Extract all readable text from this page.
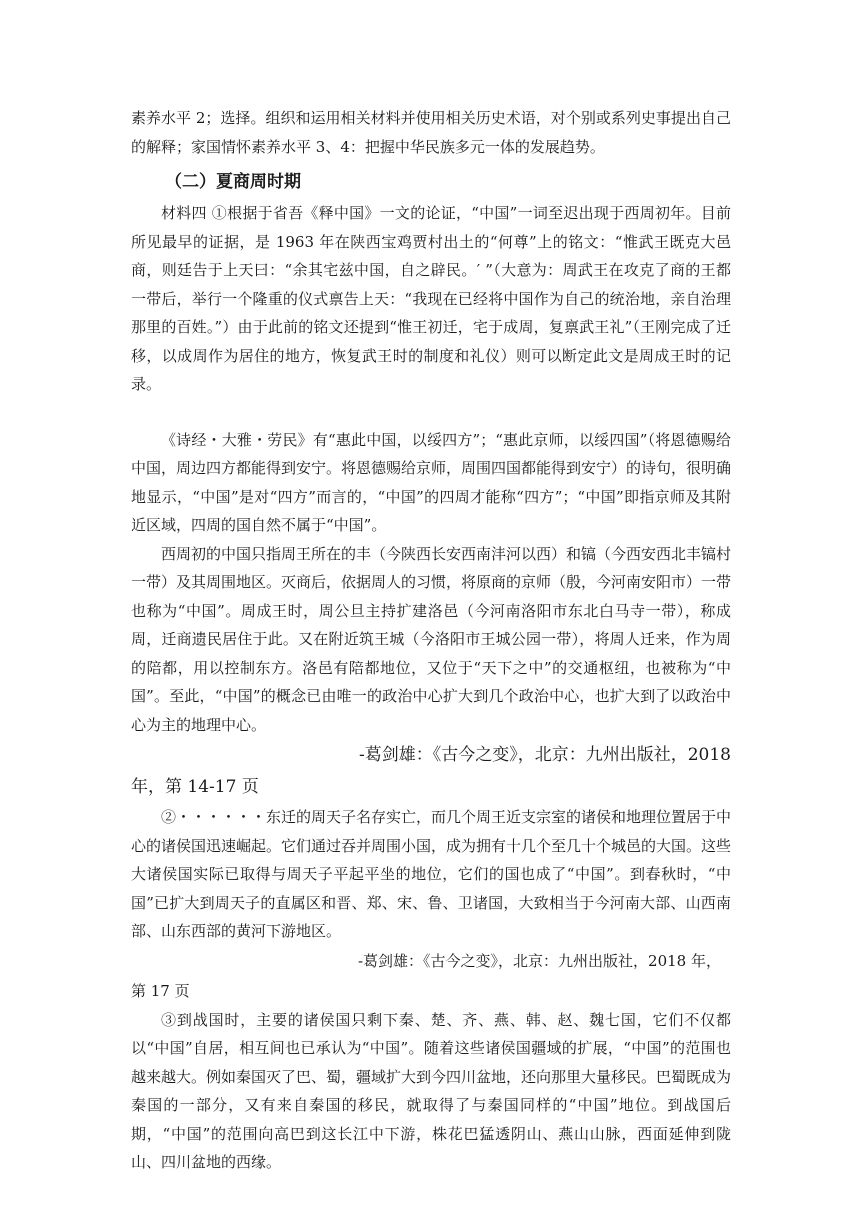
素养水平 2；选择。组织和运用相关材料并使用相关历史术语，对个别或系列史事提出自己的解释；家国情怀素养水平 3、4：把握中华民族多元一体的发展趋势。

（二）夏商周时期

材料四 ①根据于省吾《释中国》一文的论证，“中国”一词至迟出现于西周初年。目前所见最早的证据，是 1963 年在陕西宝鸡贾村出土的“何尊”上的铭文：“惟武王既克大邑商，则廷告于上天曰：“余其宅兹中国，自之辟民。′ ”（大意为：周武王在攻克了商的王都一带后，举行一个隆重的仪式禀告上天：“我现在已经将中国作为自己的统治地，亲自治理那里的百姓。”）由于此前的铭文还提到“惟王初迁，宅于成周，复禀武王礼”（王刚完成了迁移，以成周作为居住的地方，恢复武王时的制度和礼仪）则可以断定此文是周成王时的记录。

《诗经・大雅・劳民》有“惠此中国，以绥四方”；“惠此京师，以绥四国”（将恩德赐给中国，周边四方都能得到安宁。将恩德赐给京师，周围四国都能得到安宁）的诗句，很明确地显示，“中国”是对“四方”而言的，“中国”的四周才能称“四方”；“中国”即指京师及其附近区域，四周的国自然不属于“中国”。

西周初的中国只指周王所在的丰（今陕西长安西南沣河以西）和镐（今西安西北丰镐村一带）及其周围地区。灭商后，依据周人的习惯，将原商的京师（殷，今河南安阳市）一带也称为“中国”。周成王时，周公旦主持扩建洛邑（今河南洛阳市东北白马寺一带），称成周，迁商遗民居住于此。又在附近筑王城（今洛阳市王城公园一带），将周人迁来，作为周的陪都，用以控制东方。洛邑有陪都地位，又位于“天下之中”的交通枢纽，也被称为“中国”。至此，“中国”的概念已由唯一的政治中心扩大到几个政治中心，也扩大到了以政治中心为主的地理中心。

-葛剑雄：《古今之变》，北京：九州出版社，2018
年，第 14-17 页

②・・・・・・东迁的周天子名存实亡，而几个周王近支宗室的诸侯和地理位置居于中心的诸侯国迅速崛起。它们通过吞并周围小国，成为拥有十几个至几十个城邑的大国。这些大诸侯国实际已取得与周天子平起平坐的地位，它们的国也成了“中国”。到春秋时，“中国”已扩大到周天子的直属区和晋、郑、宋、鲁、卫诸国，大致相当于今河南大部、山西南部、山东西部的黄河下游地区。

-葛剑雄：《古今之变》，北京：九州出版社，2018 年，
第 17 页

③到战国时，主要的诸侯国只剩下秦、楚、齐、燕、韩、赵、魏七国，它们不仅都以“中国”自居，相互间也已承认为“中国”。随着这些诸侯国疆域的扩展，“中国”的范围也越来越大。例如秦国灭了巴、蜀，疆域扩大到今四川盆地，还向那里大量移民。巴蜀既成为秦国的一部分，又有来自秦国的移民，就取得了与秦国同样的“中国”地位。到战国后期，“中国”的范围向高巴到这长江中下游，株花巴猛透阴山、燕山山脉，西面延伸到陇山、四川盆地的西缘。
